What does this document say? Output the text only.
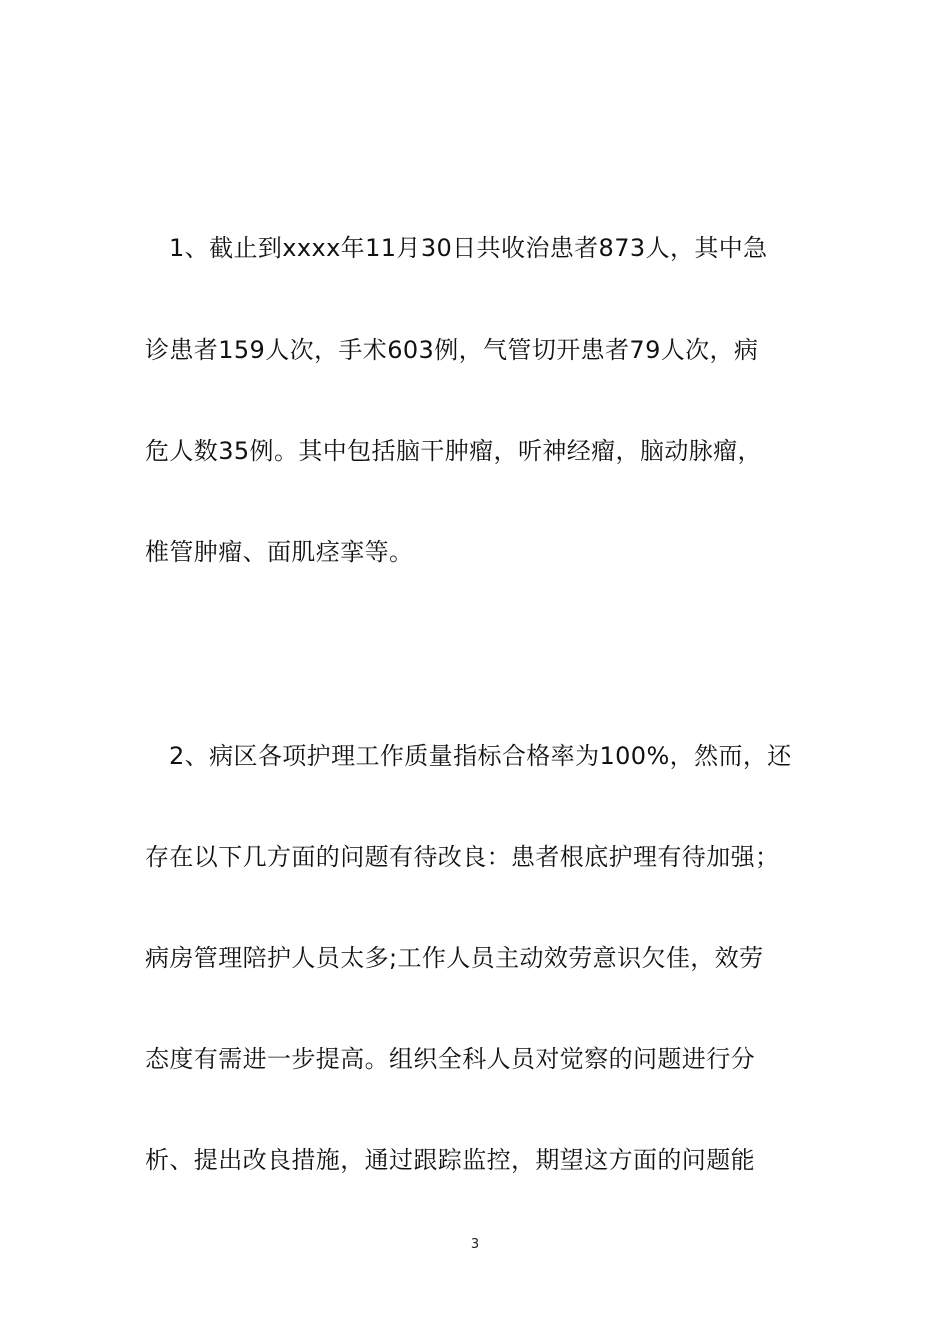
1、截止到xxxx年11月30日共收治患者873人，其中急
诊患者159人次，手术603例，气管切开患者79人次，病
危人数35例。其中包括脑干肿瘤，听神经瘤，脑动脉瘤，
椎管肿瘤、面肌痉挛等。
2、病区各项护理工作质量指标合格率为100%，然而，还
存在以下几方面的问题有待改良：患者根底护理有待加强；
病房管理陪护人员太多;工作人员主动效劳意识欠佳，效劳
态度有需进一步提高。组织全科人员对觉察的问题进行分
析、提出改良措施，通过跟踪监控，期望这方面的问题能
3
